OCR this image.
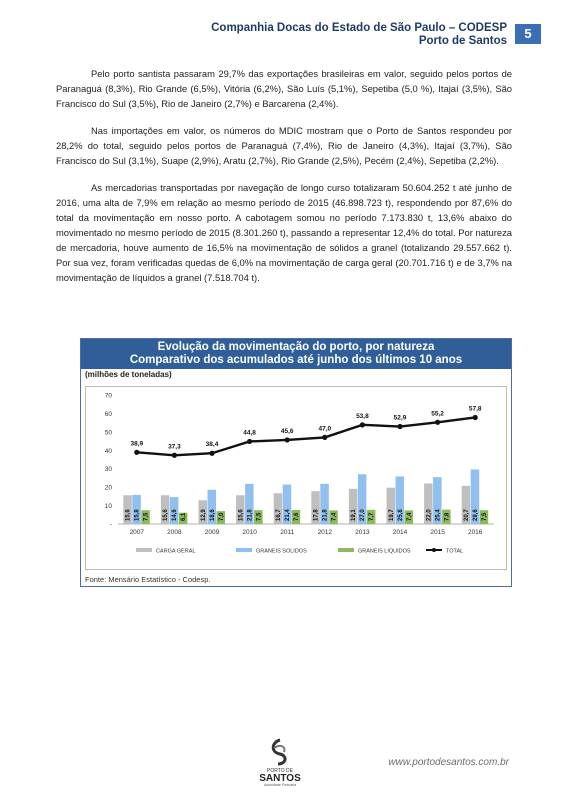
Companhia Docas do Estado de São Paulo – CODESP
Porto de Santos	5

Pelo porto santista passaram 29,7% das exportações brasileiras em valor, seguido pelos portos de Paranaguá (8,3%), Rio Grande (6,5%), Vitória (6,2%), São Luís (5,1%), Sepetiba (5,0 %), Itajaí (3,5%), São Francisco do Sul (3,5%), Rio de Janeiro (2,7%) e Barcarena (2,4%).

Nas importações em valor, os números do MDIC mostram que o Porto de Santos respondeu por 28,2% do total, seguido pelos portos de Paranaguá (7,4%), Rio de Janeiro (4,3%), Itajaí (3,7%), São Francisco do Sul (3,1%), Suape (2,9%), Aratu (2,7%), Rio Grande (2,5%), Pecém (2,4%), Sepetiba (2,2%).

As mercadorias transportadas por navegação de longo curso totalizaram 50.604.252 t até junho de 2016, uma alta de 7,9% em relação ao mesmo período de 2015 (46.898.723 t), respondendo por 87,6% do total da movimentação em nosso porto. A cabotagem somou no período 7.173.830 t, 13,6% abaixo do movimentado no mesmo período de 2015 (8.301.260 t), passando a representar 12,4% do total. Por natureza de mercadoria, houve aumento de 16,5% na movimentação de sólidos a granel (totalizando 29.557.662 t). Por sua vez, foram verificadas quedas de 6,0% na movimentação de carga geral (20.701.716 t) e de 3,7% na movimentação de líquidos a granel (7.518.704 t).

Evolução da movimentação do porto, por natureza
Comparativo dos acumulados até junho dos últimos 10 anos
(milhões de toneladas)
-
10
20
30
40
50
60
70
15,6	15,6	12,9	15,6	16,7	17,8	19,1	19,7	22,0	20,7
15,8	14,6	18,6	21,8	21,4	21,8	27,0	25,8	25,4	29,6
7,5	6,1	7,0	7,5	7,6	7,4	7,7	7,4	7,8	7,5
2007	2008	2009	2010	2011	2012	2013	2014	2015	2016
38,9	37,3	38,4
44,8	45,6	47,0
53,8	52,9
55,2
57,8
CARGA GERAL	GRANEIS SOLIDOS	GRANEIS LIQUIDOS	TOTAL
Fonte: Mensário Estatístico - Codesp.
PORTO DE
SANTOS
Autoridade Portuária
www.portodesantos.com.br
